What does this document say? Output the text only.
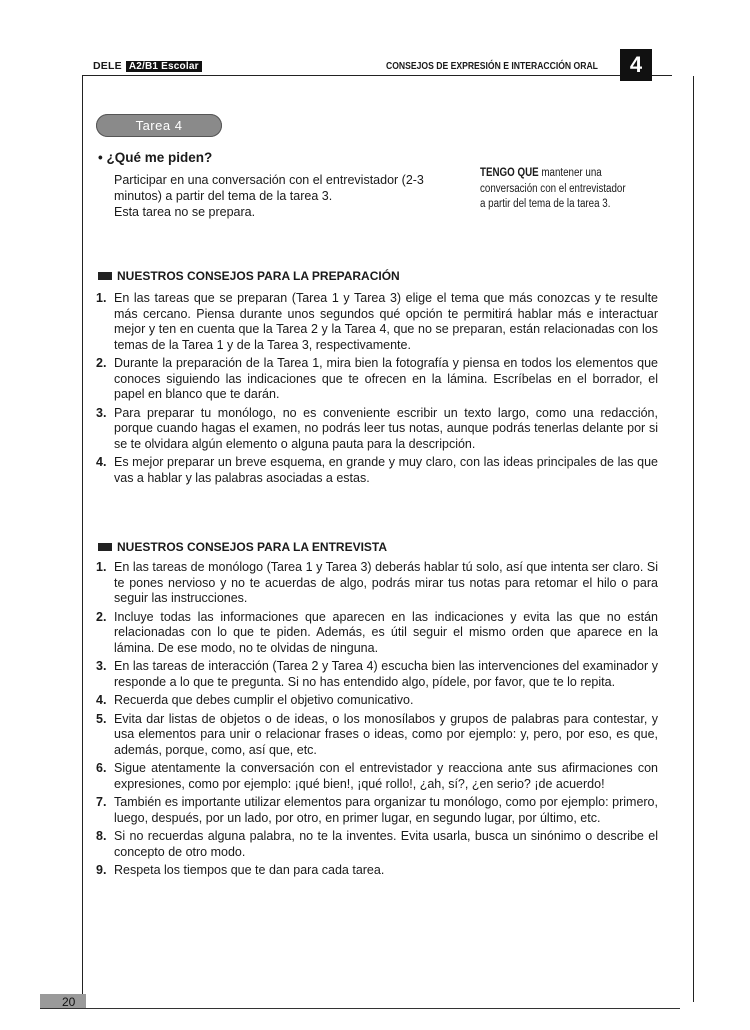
DELE A2/B1 Escolar	CONSEJOS DE EXPRESIÓN E INTERACCIÓN ORAL	4
Tarea 4
• ¿Qué me piden?
Participar en una conversación con el entrevistador (2-3
minutos) a partir del tema de la tarea 3.
Esta tarea no se prepara.
TENGO QUE mantener una conversación con el entrevistador a partir del tema de la tarea 3.
NUESTROS CONSEJOS PARA LA PREPARACIÓN
1. En las tareas que se preparan (Tarea 1 y Tarea 3) elige el tema que más conozcas y te resulte más cercano. Piensa durante unos segundos qué opción te permitirá hablar más e interactuar mejor y ten en cuenta que la Tarea 2 y la Tarea 4, que no se preparan, están relacionadas con los temas de la Tarea 1 y de la Tarea 3, respectivamente.
2. Durante la preparación de la Tarea 1, mira bien la fotografía y piensa en todos los elementos que conoces siguiendo las indicaciones que te ofrecen en la lámina. Escríbelas en el borrador, el papel en blanco que te darán.
3. Para preparar tu monólogo, no es conveniente escribir un texto largo, como una redacción, porque cuando hagas el examen, no podrás leer tus notas, aunque podrás tenerlas delante por si se te olvidara algún elemento o alguna pauta para la descripción.
4. Es mejor preparar un breve esquema, en grande y muy claro, con las ideas principales de las que vas a hablar y las palabras asociadas a estas.
NUESTROS CONSEJOS PARA LA ENTREVISTA
1. En las tareas de monólogo (Tarea 1 y Tarea 3) deberás hablar tú solo, así que intenta ser claro. Si te pones nervioso y no te acuerdas de algo, podrás mirar tus notas para retomar el hilo o para seguir las instrucciones.
2. Incluye todas las informaciones que aparecen en las indicaciones y evita las que no están relacionadas con lo que te piden. Además, es útil seguir el mismo orden que aparece en la lámina. De ese modo, no te olvidas de ninguna.
3. En las tareas de interacción (Tarea 2 y Tarea 4) escucha bien las intervenciones del examinador y responde a lo que te pregunta. Si no has entendido algo, pídele, por favor, que te lo repita.
4. Recuerda que debes cumplir el objetivo comunicativo.
5. Evita dar listas de objetos o de ideas, o los monosílabos y grupos de palabras para contestar, y usa elementos para unir o relacionar frases o ideas, como por ejemplo: y, pero, por eso, es que, además, porque, como, así que, etc.
6. Sigue atentamente la conversación con el entrevistador y reacciona ante sus afirmaciones con expresiones, como por ejemplo: ¡qué bien!, ¡qué rollo!, ¿ah, sí?, ¿en serio? ¡de acuerdo!
7. También es importante utilizar elementos para organizar tu monólogo, como por ejemplo: primero, luego, después, por un lado, por otro, en primer lugar, en segundo lugar, por último, etc.
8. Si no recuerdas alguna palabra, no te la inventes. Evita usarla, busca un sinónimo o describe el concepto de otro modo.
9. Respeta los tiempos que te dan para cada tarea.
20
